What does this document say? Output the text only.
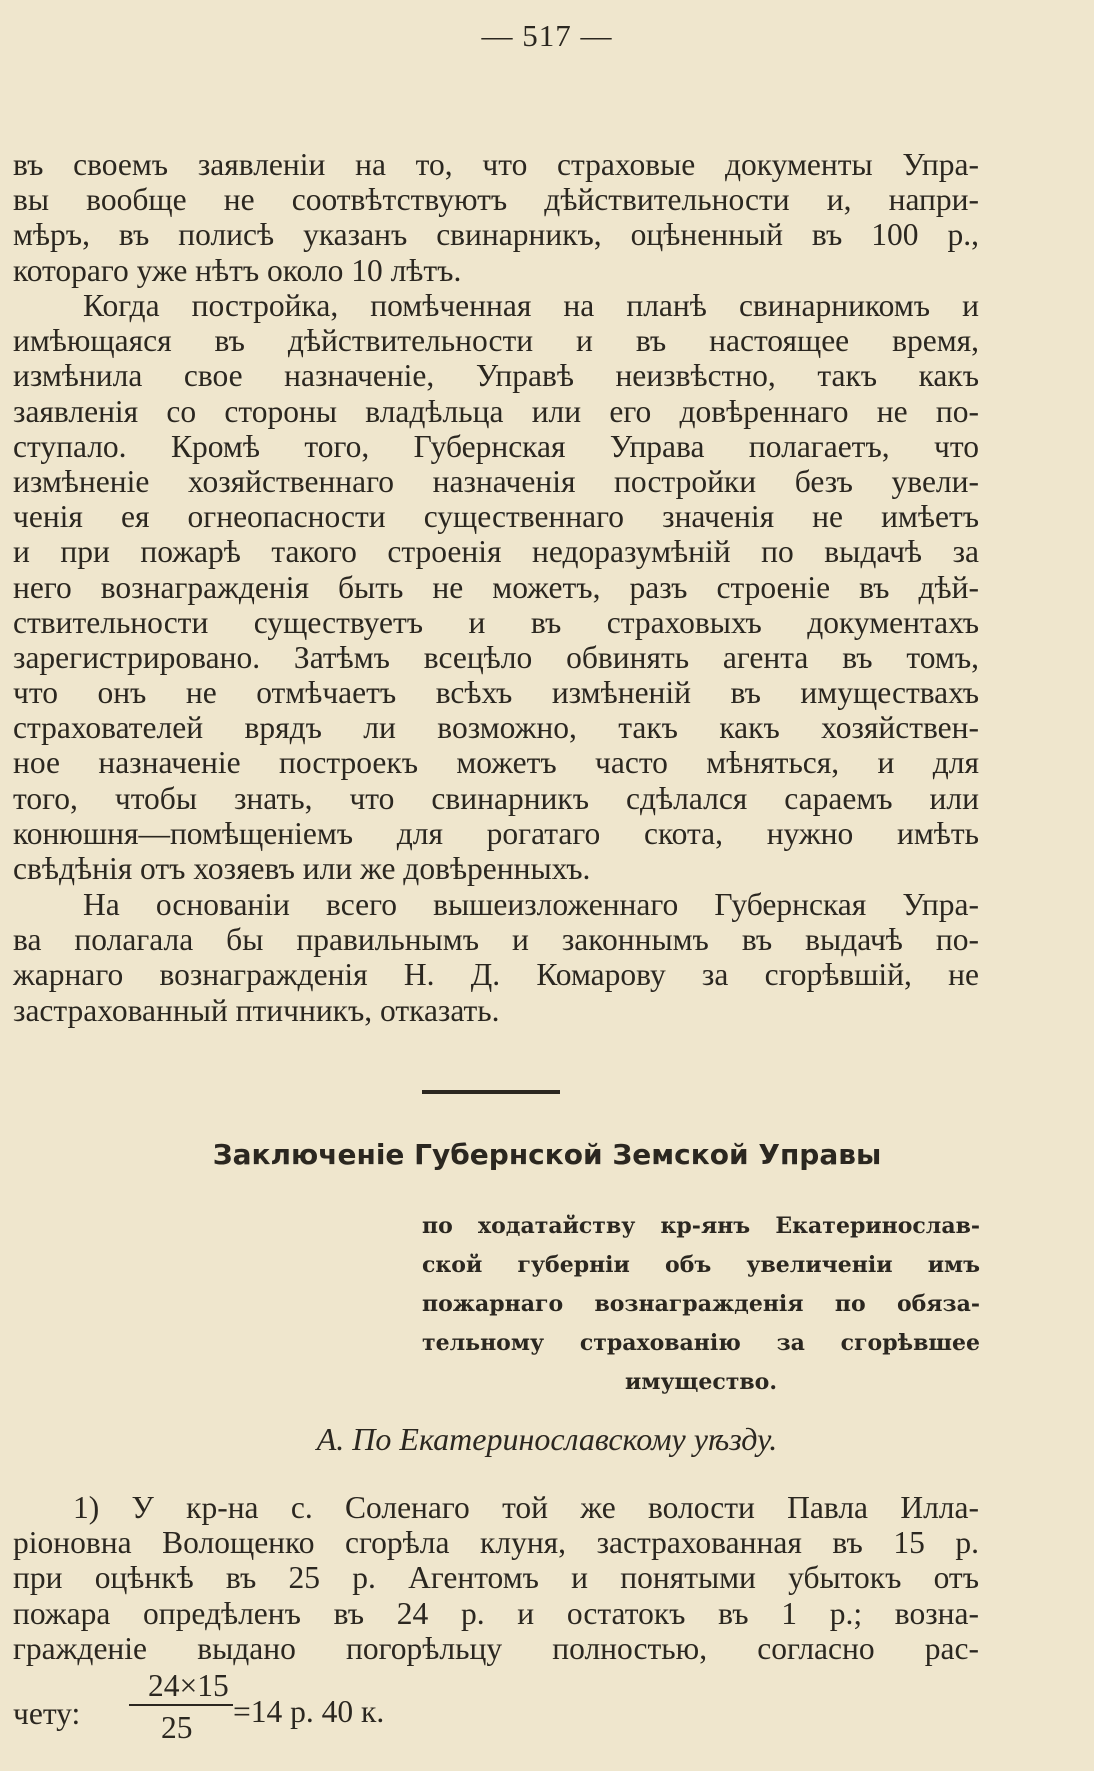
— 517 —
въ своемъ заявленіи на то, что страховые документы Упра-
вы вообще не соотвѣтствуютъ дѣйствительности и, напри-
мѣръ, въ полисѣ указанъ свинарникъ, оцѣненный въ 100 р.,
котораго уже нѣтъ около 10 лѣтъ.
Когда постройка, помѣченная на планѣ свинарникомъ и
имѣющаяся въ дѣйствительности и въ настоящее время,
измѣнила свое назначеніе, Управѣ неизвѣстно, такъ какъ
заявленія со стороны владѣльца или его довѣреннаго не по-
ступало. Кромѣ того, Губернская Управа полагаетъ, что
измѣненіе хозяйственнаго назначенія постройки безъ увели-
ченія ея огнеопасности существеннаго значенія не имѣетъ
и при пожарѣ такого строенія недоразумѣній по выдачѣ за
него вознагражденія быть не можетъ, разъ строеніе въ дѣй-
ствительности существуетъ и въ страховыхъ документахъ
зарегистрировано. Затѣмъ всецѣло обвинять агента въ томъ,
что онъ не отмѣчаетъ всѣхъ измѣненій въ имуществахъ
страхователей врядъ ли возможно, такъ какъ хозяйствен-
ное назначеніе построекъ можетъ часто мѣняться, и для
того, чтобы знать, что свинарникъ сдѣлался сараемъ или
конюшня—помѣщеніемъ для рогатаго скота, нужно имѣть
свѣдѣнія отъ хозяевъ или же довѣренныхъ.
На основаніи всего вышеизложеннаго Губернская Упра-
ва полагала бы правильнымъ и законнымъ въ выдачѣ по-
жарнаго вознагражденія Н. Д. Комарову за сгорѣвшій, не
застрахованный птичникъ, отказать.
Заключеніе Губернской Земской Управы
по ходатайству кр-янъ Екатеринослав-
ской губерніи объ увеличеніи имъ
пожарнаго вознагражденія по обяза-
тельному страхованію за сгорѣвшее
имущество.
А. По Екатеринославскому уѣзду.
1) У кр-на с. Соленаго той же волости Павла Илла-
ріоновна Волощенко сгорѣла клуня, застрахованная въ 15 р.
при оцѣнкѣ въ 25 р. Агентомъ и понятыми убытокъ отъ
пожара опредѣленъ въ 24 р. и остатокъ въ 1 р.; возна-
гражденіе выдано погорѣльцу полностью, согласно рас-
чету:
24×15
25 =14 р. 40 к.
